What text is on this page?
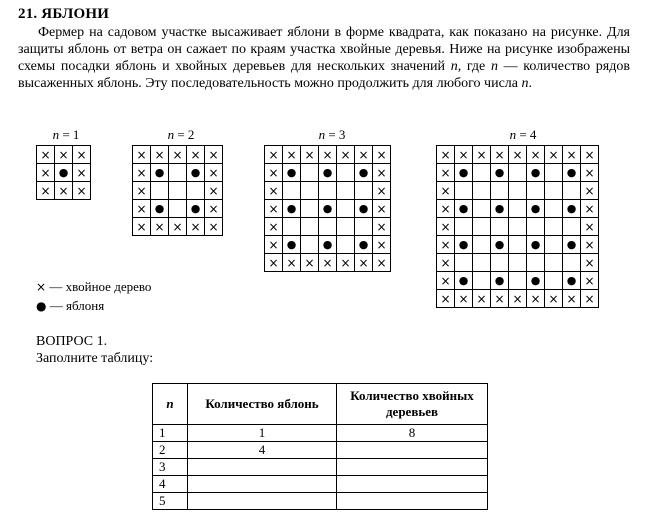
21. ЯБЛОНИ
Фермер на садовом участке высаживает яблони в форме квадрата, как показано на рисунке. Для защиты яблонь от ветра он сажает по краям участка хвойные деревья. Ниже на рисунке изображены схемы посадки яблонь и хвойных деревьев для нескольких значений n, где n — количество рядов высаженных яблонь. Эту последовательность можно продолжить для любого числа n.
n = 1	n = 2	n = 3	n = 4
×	×	×
×	●	×
×	×	×
×	×	×	×	×
×	●		●	×
×				×
×	●		●	×
×	×	×	×	×
×	×	×	×	×	×	×
×	●		●		●	×
×						×
×	●		●		●	×
×						×
×	●		●		●	×
×	×	×	×	×	×	×
×	×	×	×	×	×	×	×	×
×	●		●		●		●	×
×								×
×	●		●		●		●	×
×								×
×	●		●		●		●	×
×								×
×	●		●		●		●	×
×	×	×	×	×	×	×	×	×
× — хвойное дерево
● — яблоня
ВОПРОС 1.
Заполните таблицу:
n	Количество яблонь	Количество хвойных деревьев
1	1	8
2	4	
3		
4		
5		
